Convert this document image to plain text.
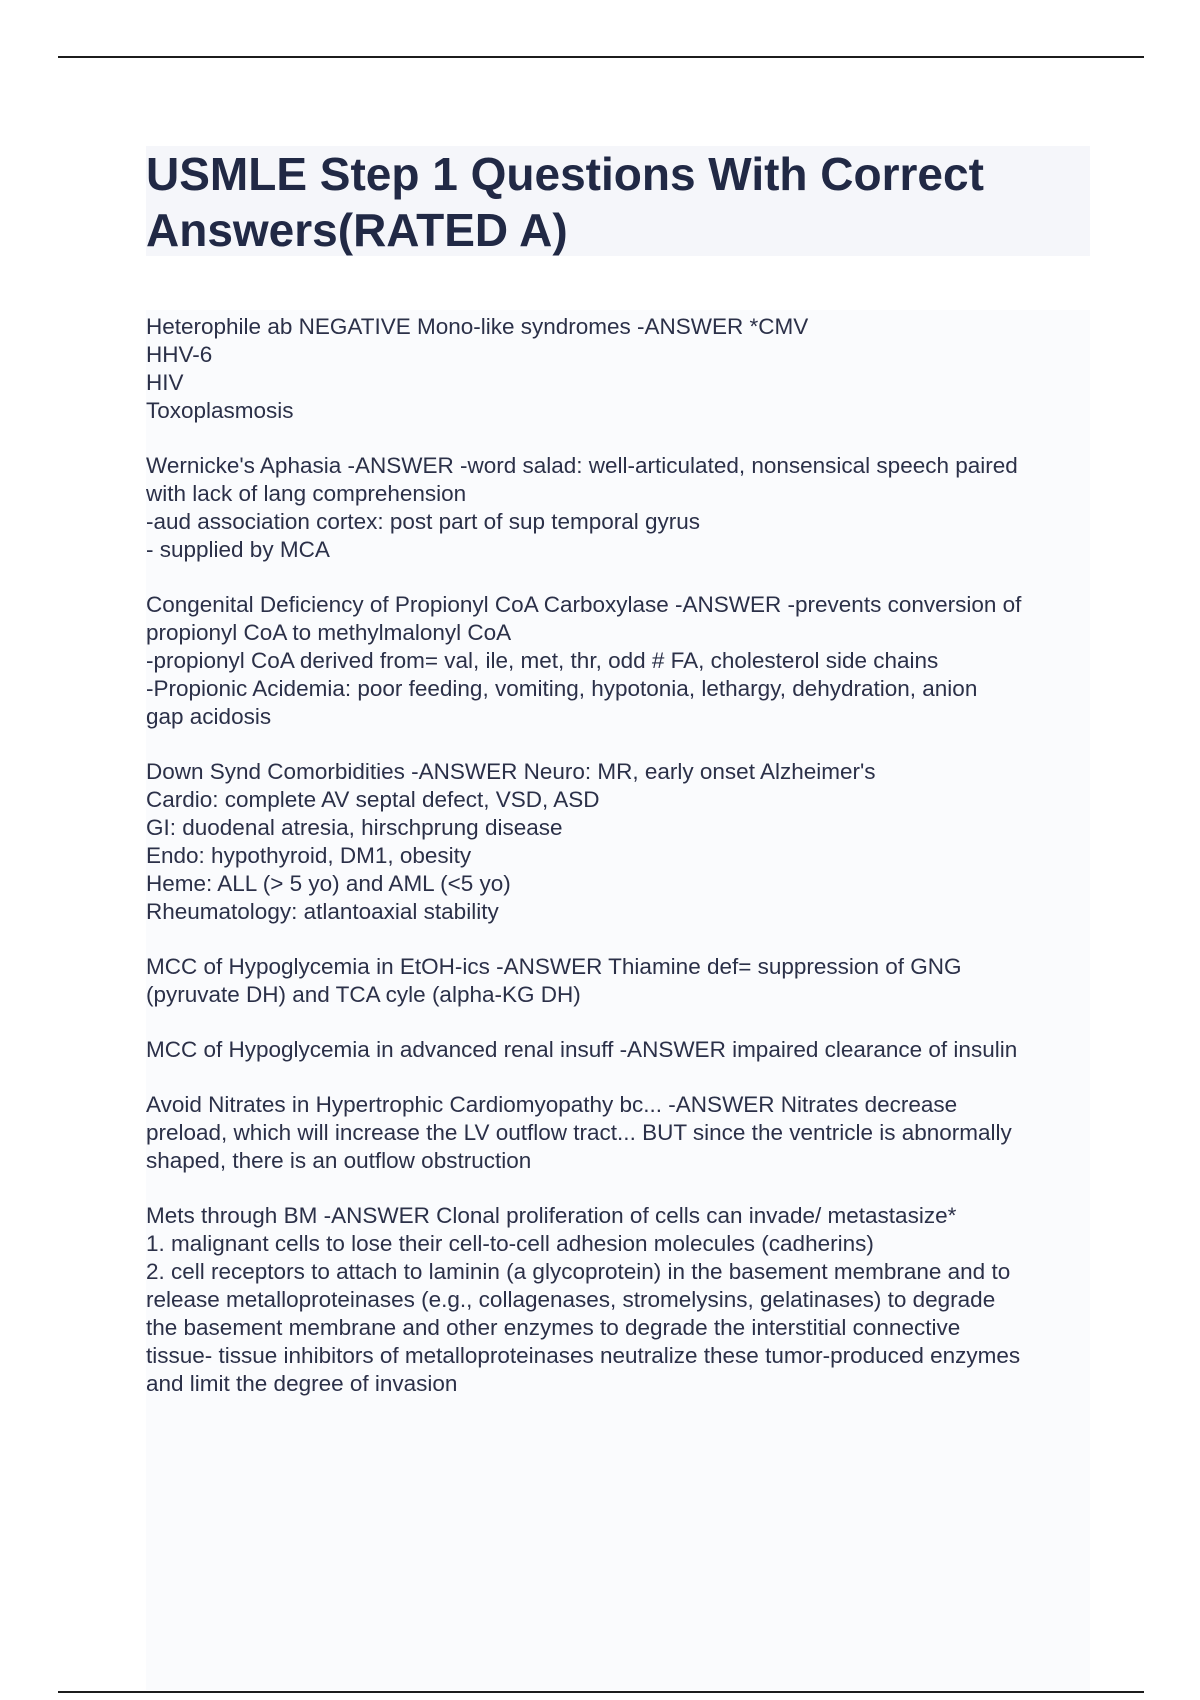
USMLE Step 1 Questions With Correct
Answers(RATED A)
Heterophile ab NEGATIVE Mono-like syndromes -ANSWER *CMV
HHV-6
HIV
Toxoplasmosis
Wernicke's Aphasia -ANSWER -word salad: well-articulated, nonsensical speech paired
with lack of lang comprehension
-aud association cortex: post part of sup temporal gyrus
- supplied by MCA
Congenital Deficiency of Propionyl CoA Carboxylase -ANSWER -prevents conversion of
propionyl CoA to methylmalonyl CoA
-propionyl CoA derived from= val, ile, met, thr, odd # FA, cholesterol side chains
-Propionic Acidemia: poor feeding, vomiting, hypotonia, lethargy, dehydration, anion
gap acidosis
Down Synd Comorbidities -ANSWER Neuro: MR, early onset Alzheimer's
Cardio: complete AV septal defect, VSD, ASD
GI: duodenal atresia, hirschprung disease
Endo: hypothyroid, DM1, obesity
Heme: ALL (> 5 yo) and AML (<5 yo)
Rheumatology: atlantoaxial stability
MCC of Hypoglycemia in EtOH-ics -ANSWER Thiamine def= suppression of GNG
(pyruvate DH) and TCA cyle (alpha-KG DH)
MCC of Hypoglycemia in advanced renal insuff -ANSWER impaired clearance of insulin
Avoid Nitrates in Hypertrophic Cardiomyopathy bc... -ANSWER Nitrates decrease
preload, which will increase the LV outflow tract... BUT since the ventricle is abnormally
shaped, there is an outflow obstruction
Mets through BM -ANSWER Clonal proliferation of cells can invade/ metastasize*
1. malignant cells to lose their cell-to-cell adhesion molecules (cadherins)
2. cell receptors to attach to laminin (a glycoprotein) in the basement membrane and to
release metalloproteinases (e.g., collagenases, stromelysins, gelatinases) to degrade
the basement membrane and other enzymes to degrade the interstitial connective
tissue- tissue inhibitors of metalloproteinases neutralize these tumor-produced enzymes
and limit the degree of invasion
